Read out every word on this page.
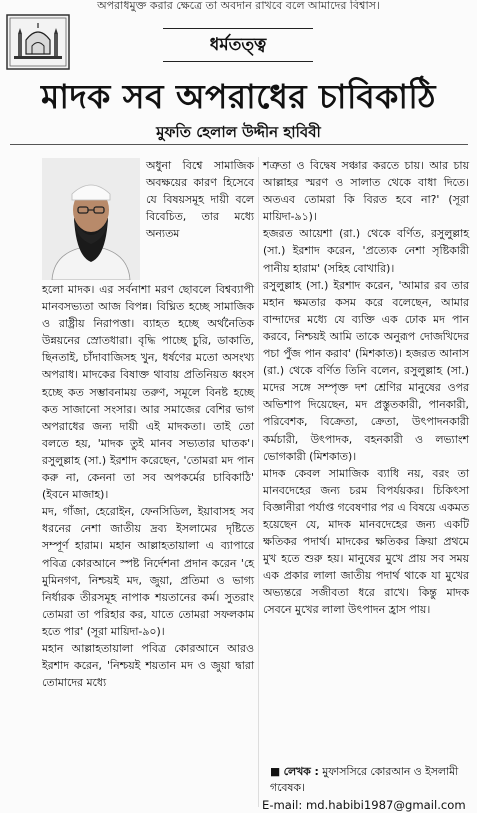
অপরাধমুক্ত করার ক্ষেত্রে তা অবদান রাখবে বলে আমাদের বিশ্বাস।
ধর্মতত্ত্ব
মাদক সব অপরাধের চাবিকাঠি
মুফতি হেলাল উদ্দীন হাবিবী

অধুনা বিশ্বে সামাজিক অবক্ষয়ের কারণ হিসেবে যে বিষয়সমূহ দায়ী বলে বিবেচিত, তার মধ্যে অন্যতম

হলো মাদক। এর সর্বনাশা মরণ ছোবলে বিশ্বব্যাপী মানবসভ্যতা আজ বিপন্ন। বিঘ্নিত হচ্ছে সামাজিক ও রাষ্ট্রীয় নিরাপত্তা। ব্যাহত হচ্ছে অর্থনৈতিক উন্নয়নের স্রোতধারা। বৃদ্ধি পাচ্ছে চুরি, ডাকাতি, ছিনতাই, চাঁদাবাজিসহ খুন, ধর্ষণের মতো অসংখ্য অপরাধ। মাদকের বিষাক্ত থাবায় প্রতিনিয়ত ধ্বংস হচ্ছে কত সম্ভাবনাময় তরুণ, সমূলে বিনষ্ট হচ্ছে কত সাজানো সংসার। আর সমাজের বেশির ভাগ অপরাধের জন্য দায়ী এই মাদকতা। তাই তো বলতে হয়, 'মাদক তুই মানব সভ্যতার ঘাতক'। রসুলুল্লাহ (সা.) ইরশাদ করেছেন, 'তোমরা মদ পান করু না, কেননা তা সব অপকর্মের চাবিকাঠি' (ইবনে মাজাহ)।

মদ, গাঁজা, হেরোইন, ফেনসিডিল, ইয়াবাসহ সব ধরনের নেশা জাতীয় দ্রব্য ইসলামের দৃষ্টিতে সম্পূর্ণ হারাম। মহান আল্লাহতায়ালা এ ব্যাপারে পবিত্র কোরআনে স্পষ্ট নির্দেশনা প্রদান করেন 'হে মুমিনগণ, নিশ্চয়ই মদ, জুয়া, প্রতিমা ও ভাগ্য নির্ধারক তীরসমূহ নাপাক শয়তানের কর্ম। সুতরাং তোমরা তা পরিহার কর, যাতে তোমরা সফলকাম হতে পার' (সূরা মায়িদা-৯০)।

মহান আল্লাহতায়ালা পবিত্র কোরআনে আরও ইরশাদ করেন, 'নিশ্চয়ই শয়তান মদ ও জুয়া দ্বারা তোমাদের মধ্যে

শত্রুতা ও বিদ্বেষ সঞ্চার করতে চায়। আর চায় আল্লাহর স্মরণ ও সালাত থেকে বাধা দিতে। অতএব তোমরা কি বিরত হবে না?' (সূরা মায়িদা-৯১)।

হজরত আয়েশা (রা.) থেকে বর্ণিত, রসুলুল্লাহ (সা.) ইরশাদ করেন, 'প্রত্যেক নেশা সৃষ্টিকারী পানীয় হারাম' (সহিহ বোখারি)।

রসুলুল্লাহ (সা.) ইরশাদ করেন, 'আমার রব তার মহান ক্ষমতার কসম করে বলেছেন, আমার বান্দাদের মধ্যে যে ব্যক্তি এক ঢোক মদ পান করবে, নিশ্চয়ই আমি তাকে অনুরূপ দোজখিদের পচা পুঁজ পান করাব' (মিশকাত)। হজরত আনাস (রা.) থেকে বর্ণিত তিনি বলেন, রসুলুল্লাহ (সা.) মদের সঙ্গে সম্পৃক্ত দশ শ্রেণির মানুষের ওপর অভিশাপ দিয়েছেন, মদ প্রস্তুতকারী, পানকারী, পরিবেশক, বিক্রেতা, ক্রেতা, উৎপাদনকারী কর্মচারী, উৎপাদক, বহনকারী ও লভ্যাংশ ভোগকারী (মিশকাত)।

মাদক কেবল সামাজিক ব্যাধি নয়, বরং তা মানবদেহের জন্য চরম বিপর্যয়কর। চিকিৎসা বিজ্ঞানীরা পর্যাপ্ত গবেষণার পর এ বিষয়ে একমত হয়েছেন যে, মাদক মানবদেহের জন্য একটি ক্ষতিকর পদার্থ। মাদকের ক্ষতিকর ক্রিয়া প্রথমে মুখ হতে শুরু হয়। মানুষের মুখে প্রায় সব সময় এক প্রকার লালা জাতীয় পদার্থ থাকে যা মুখের অভ্যন্তরে সজীবতা ধরে রাখে। কিন্তু মাদক সেবনে মুখের লালা উৎপাদন হ্রাস পায়।

■ লেখক : মুফাসসিরে কোরআন ও ইসলামী গবেষক।
E-mail: md.habibi1987@gmail.com
